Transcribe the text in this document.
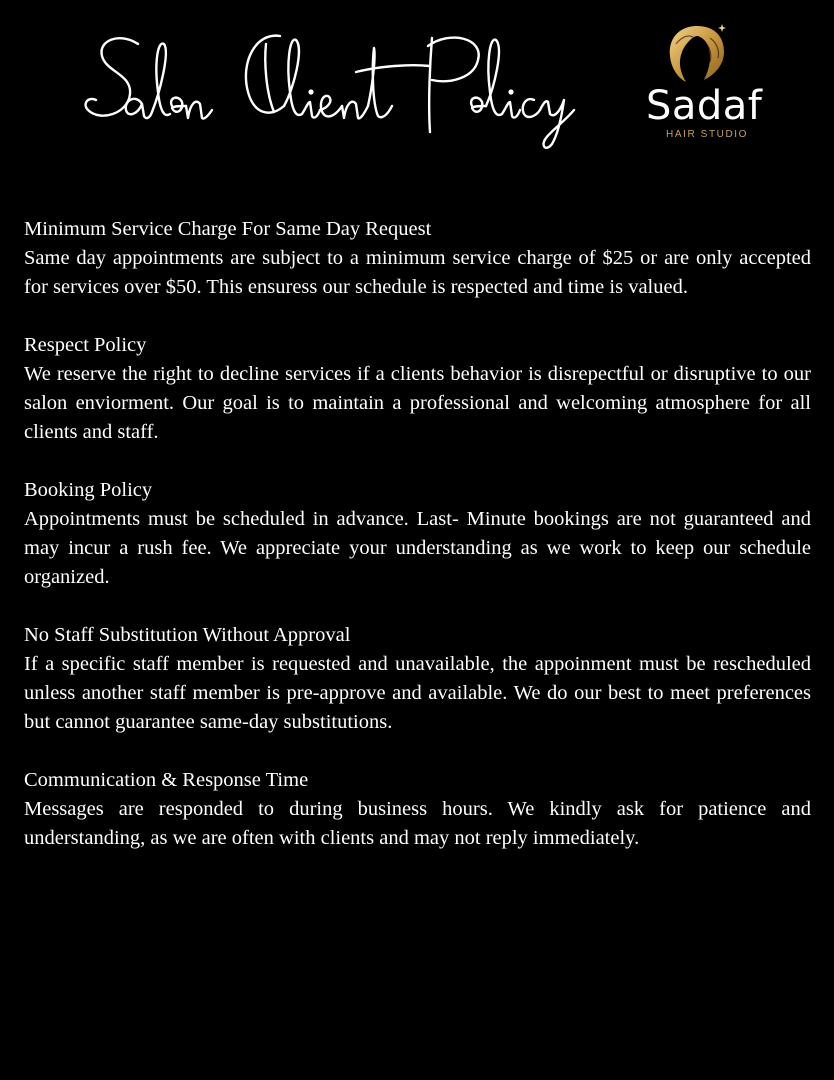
Sadaf
HAIR STUDIO
Minimum Service Charge For Same Day Request

Same day appointments are subject to a minimum service charge of $25 or are only accepted for services over $50. This ensuress our schedule is respected and time is valued.

Respect Policy

We reserve the right to decline services if a clients behavior is disrepectful or disruptive to our salon enviorment. Our goal is to maintain a professional and welcoming atmosphere for all clients and staff.

Booking Policy

Appointments must be scheduled in advance. Last- Minute bookings are not guaranteed and may incur a rush fee. We appreciate your understanding as we work to keep our schedule organized.

No Staff Substitution Without Approval

If a specific staff member is requested and unavailable, the appoinment must be rescheduled unless another staff member is pre-approve and available. We do our best to meet preferences but cannot guarantee same-day substitutions.

Communication & Response Time

Messages are responded to during business hours. We kindly ask for patience and understanding, as we are often with clients and may not reply immediately.
